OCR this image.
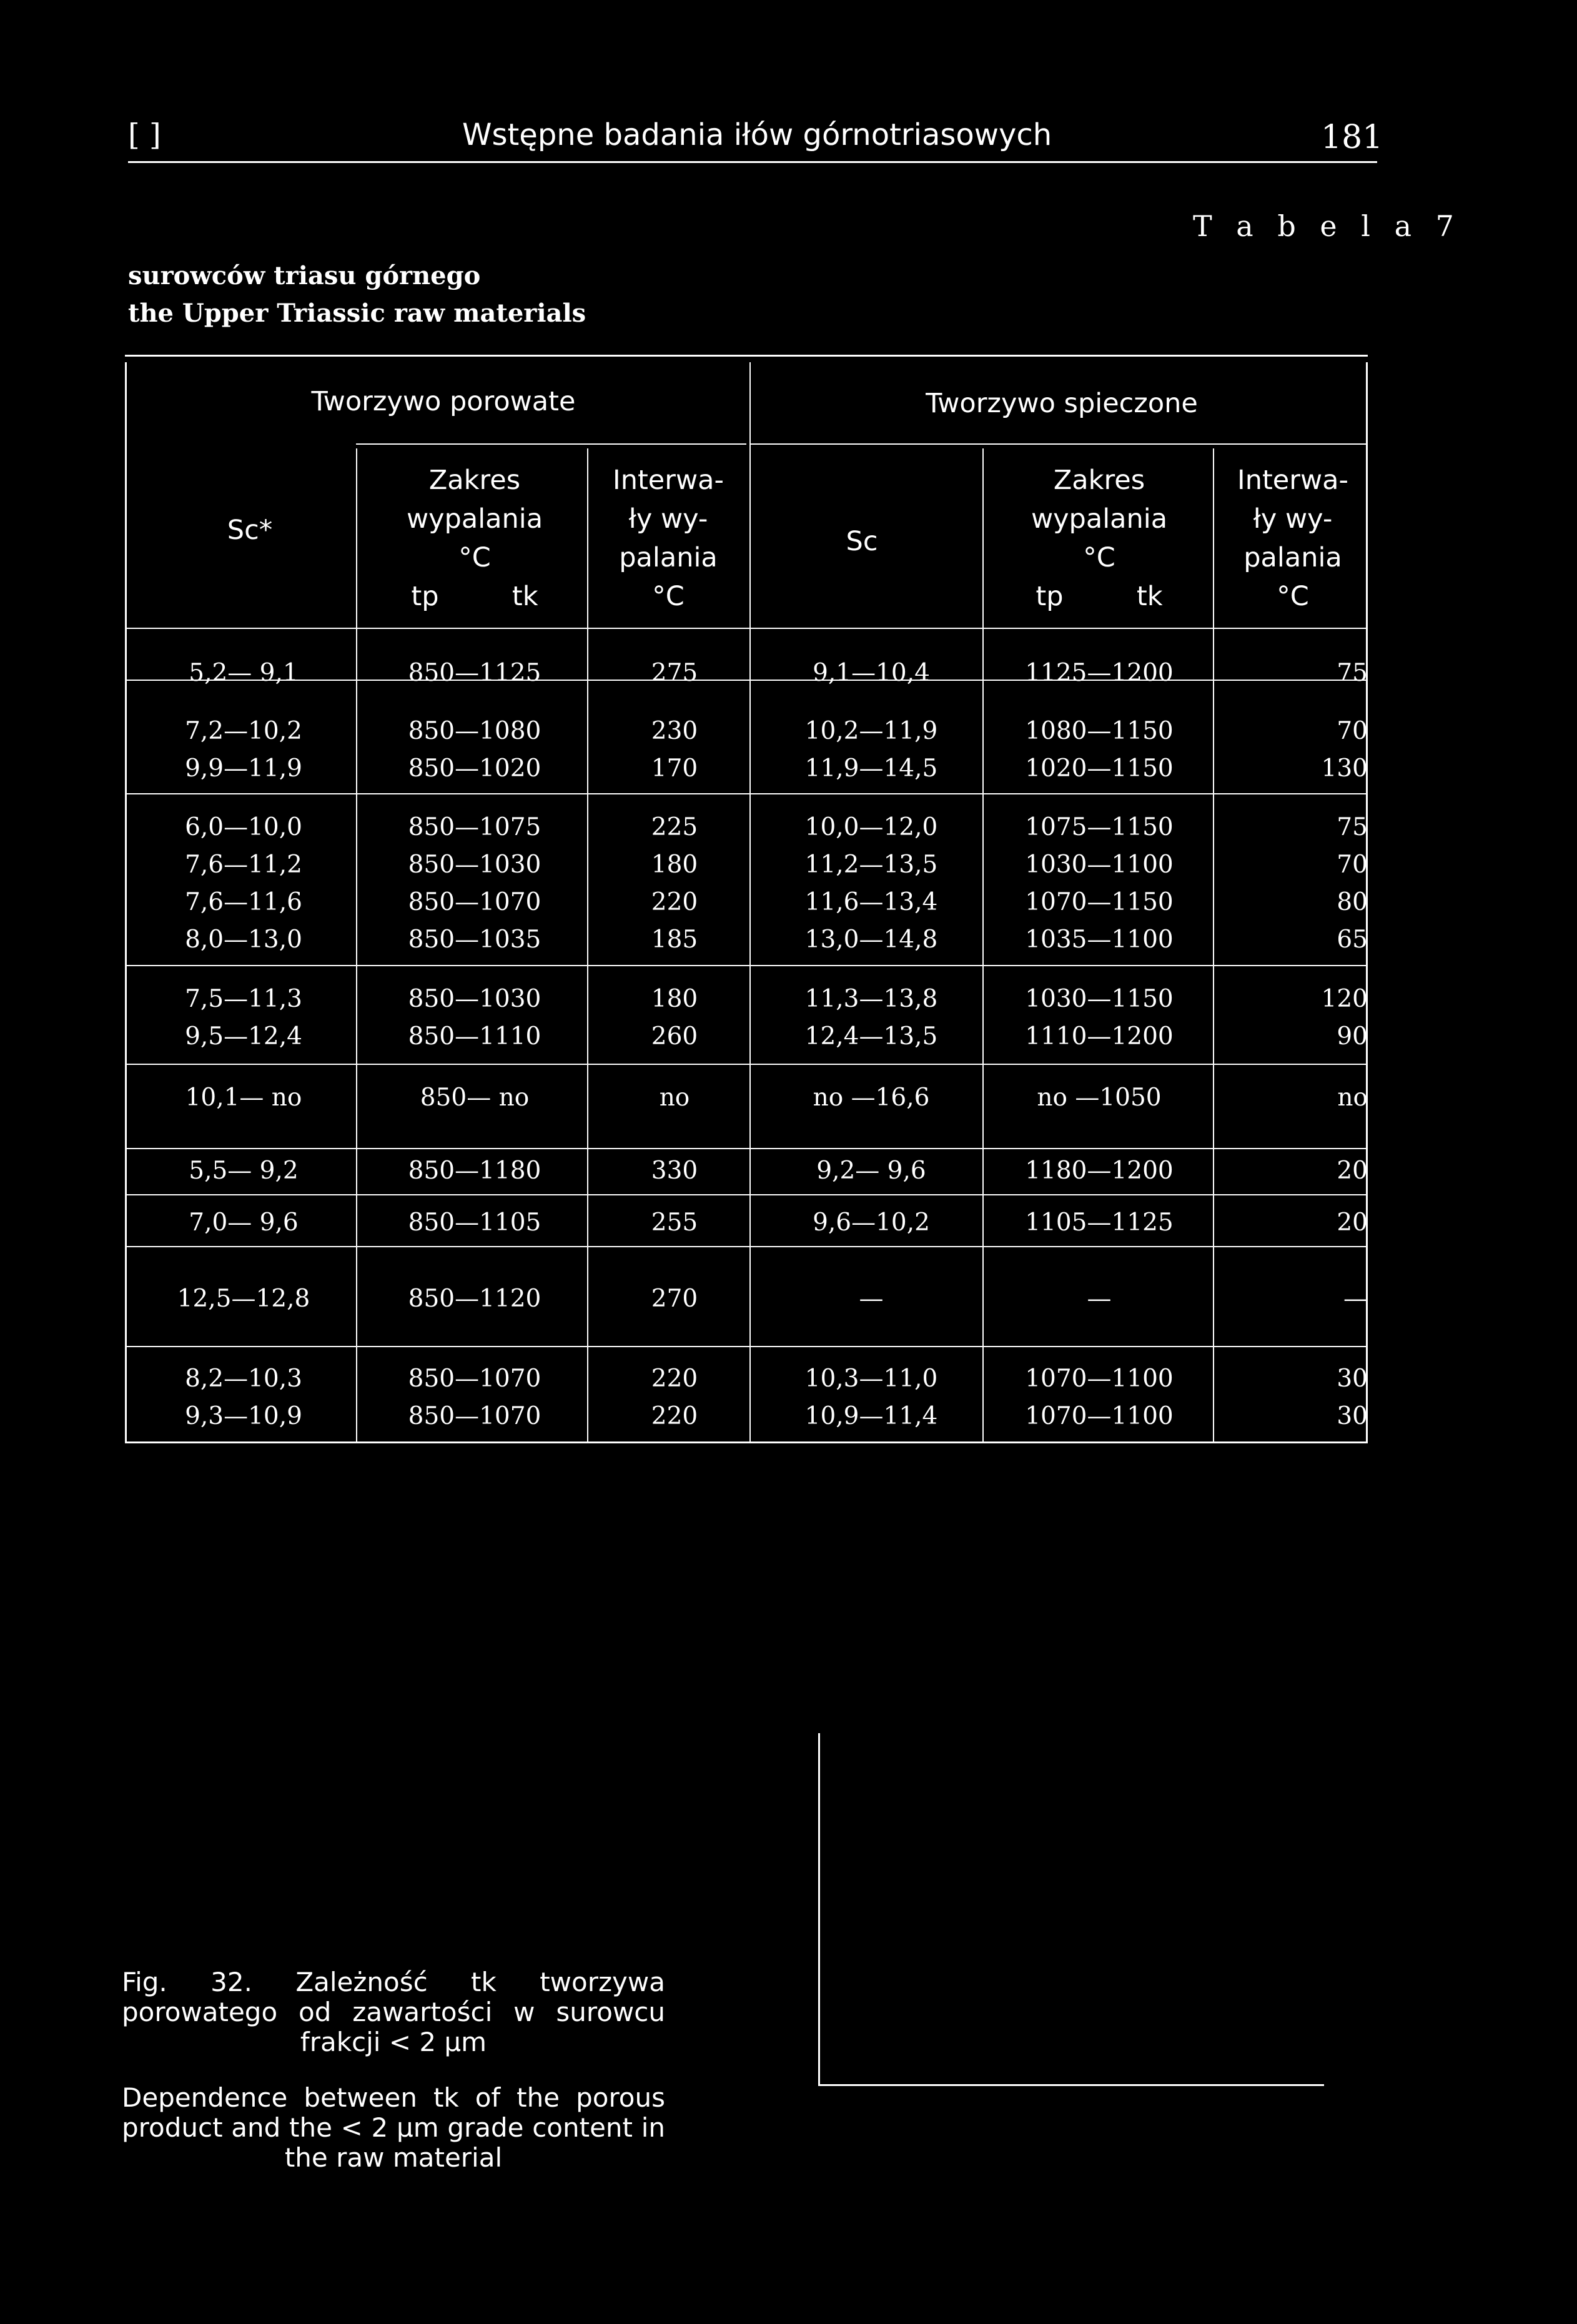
[ ]	Wstępne badania iłów górnotriasowych	181
T a b e l a 7
surowców triasu górnego
the Upper Triassic raw materials
Tworzywo porowate	Tworzywo spieczone
Sc*	Sc
Zakres
wypalania
°C
tp	tk
Interwa-
ły wy-
palania
°C
Zakres
wypalania
°C
tp	tk
Interwa-
ły wy-
palania
°C
5,2— 9,1	850—1125	275	9,1—10,4	1125—1200	75
7,2—10,2	850—1080	230	10,2—11,9	1080—1150	70
9,9—11,9	850—1020	170	11,9—14,5	1020—1150	130
6,0—10,0	850—1075	225	10,0—12,0	1075—1150	75
7,6—11,2	850—1030	180	11,2—13,5	1030—1100	70
7,6—11,6	850—1070	220	11,6—13,4	1070—1150	80
8,0—13,0	850—1035	185	13,0—14,8	1035—1100	65
7,5—11,3	850—1030	180	11,3—13,8	1030—1150	120
9,5—12,4	850—1110	260	12,4—13,5	1110—1200	90
10,1— no	850— no	no	no —16,6	no —1050	no
5,5— 9,2	850—1180	330	9,2— 9,6	1180—1200	20
7,0— 9,6	850—1105	255	9,6—10,2	1105—1125	20
12,5—12,8	850—1120	270	—	—	—
8,2—10,3	850—1070	220	10,3—11,0	1070—1100	30
9,3—10,9	850—1070	220	10,9—11,4	1070—1100	30
Fig. 32. Zależność tk tworzywa porowatego od zawartości w surowcu frakcji < 2 μm
Dependence between tk of the porous product and the < 2 μm grade content in the raw material
